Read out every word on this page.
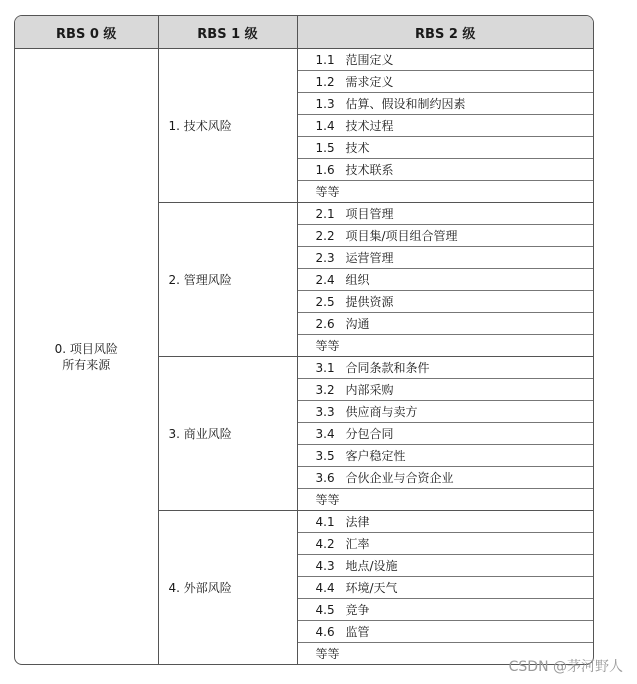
RBS 0 级	RBS 1 级	RBS 2 级

0. 项目风险
所有来源	1. 技术风险	1.1 范围定义
		1.2 需求定义
		1.3 估算、假设和制约因素
		1.4 技术过程
		1.5 技术
		1.6 技术联系
		等等
	2. 管理风险	2.1 项目管理
		2.2 项目集/项目组合管理
		2.3 运营管理
		2.4 组织
		2.5 提供资源
		2.6 沟通
		等等
	3. 商业风险	3.1 合同条款和条件
		3.2 内部采购
		3.3 供应商与卖方
		3.4 分包合同
		3.5 客户稳定性
		3.6 合伙企业与合资企业
		等等
	4. 外部风险	4.1 法律
		4.2 汇率
		4.3 地点/设施
		4.4 环境/天气
		4.5 竞争
		4.6 监管
		等等
CSDN @茅河野人
